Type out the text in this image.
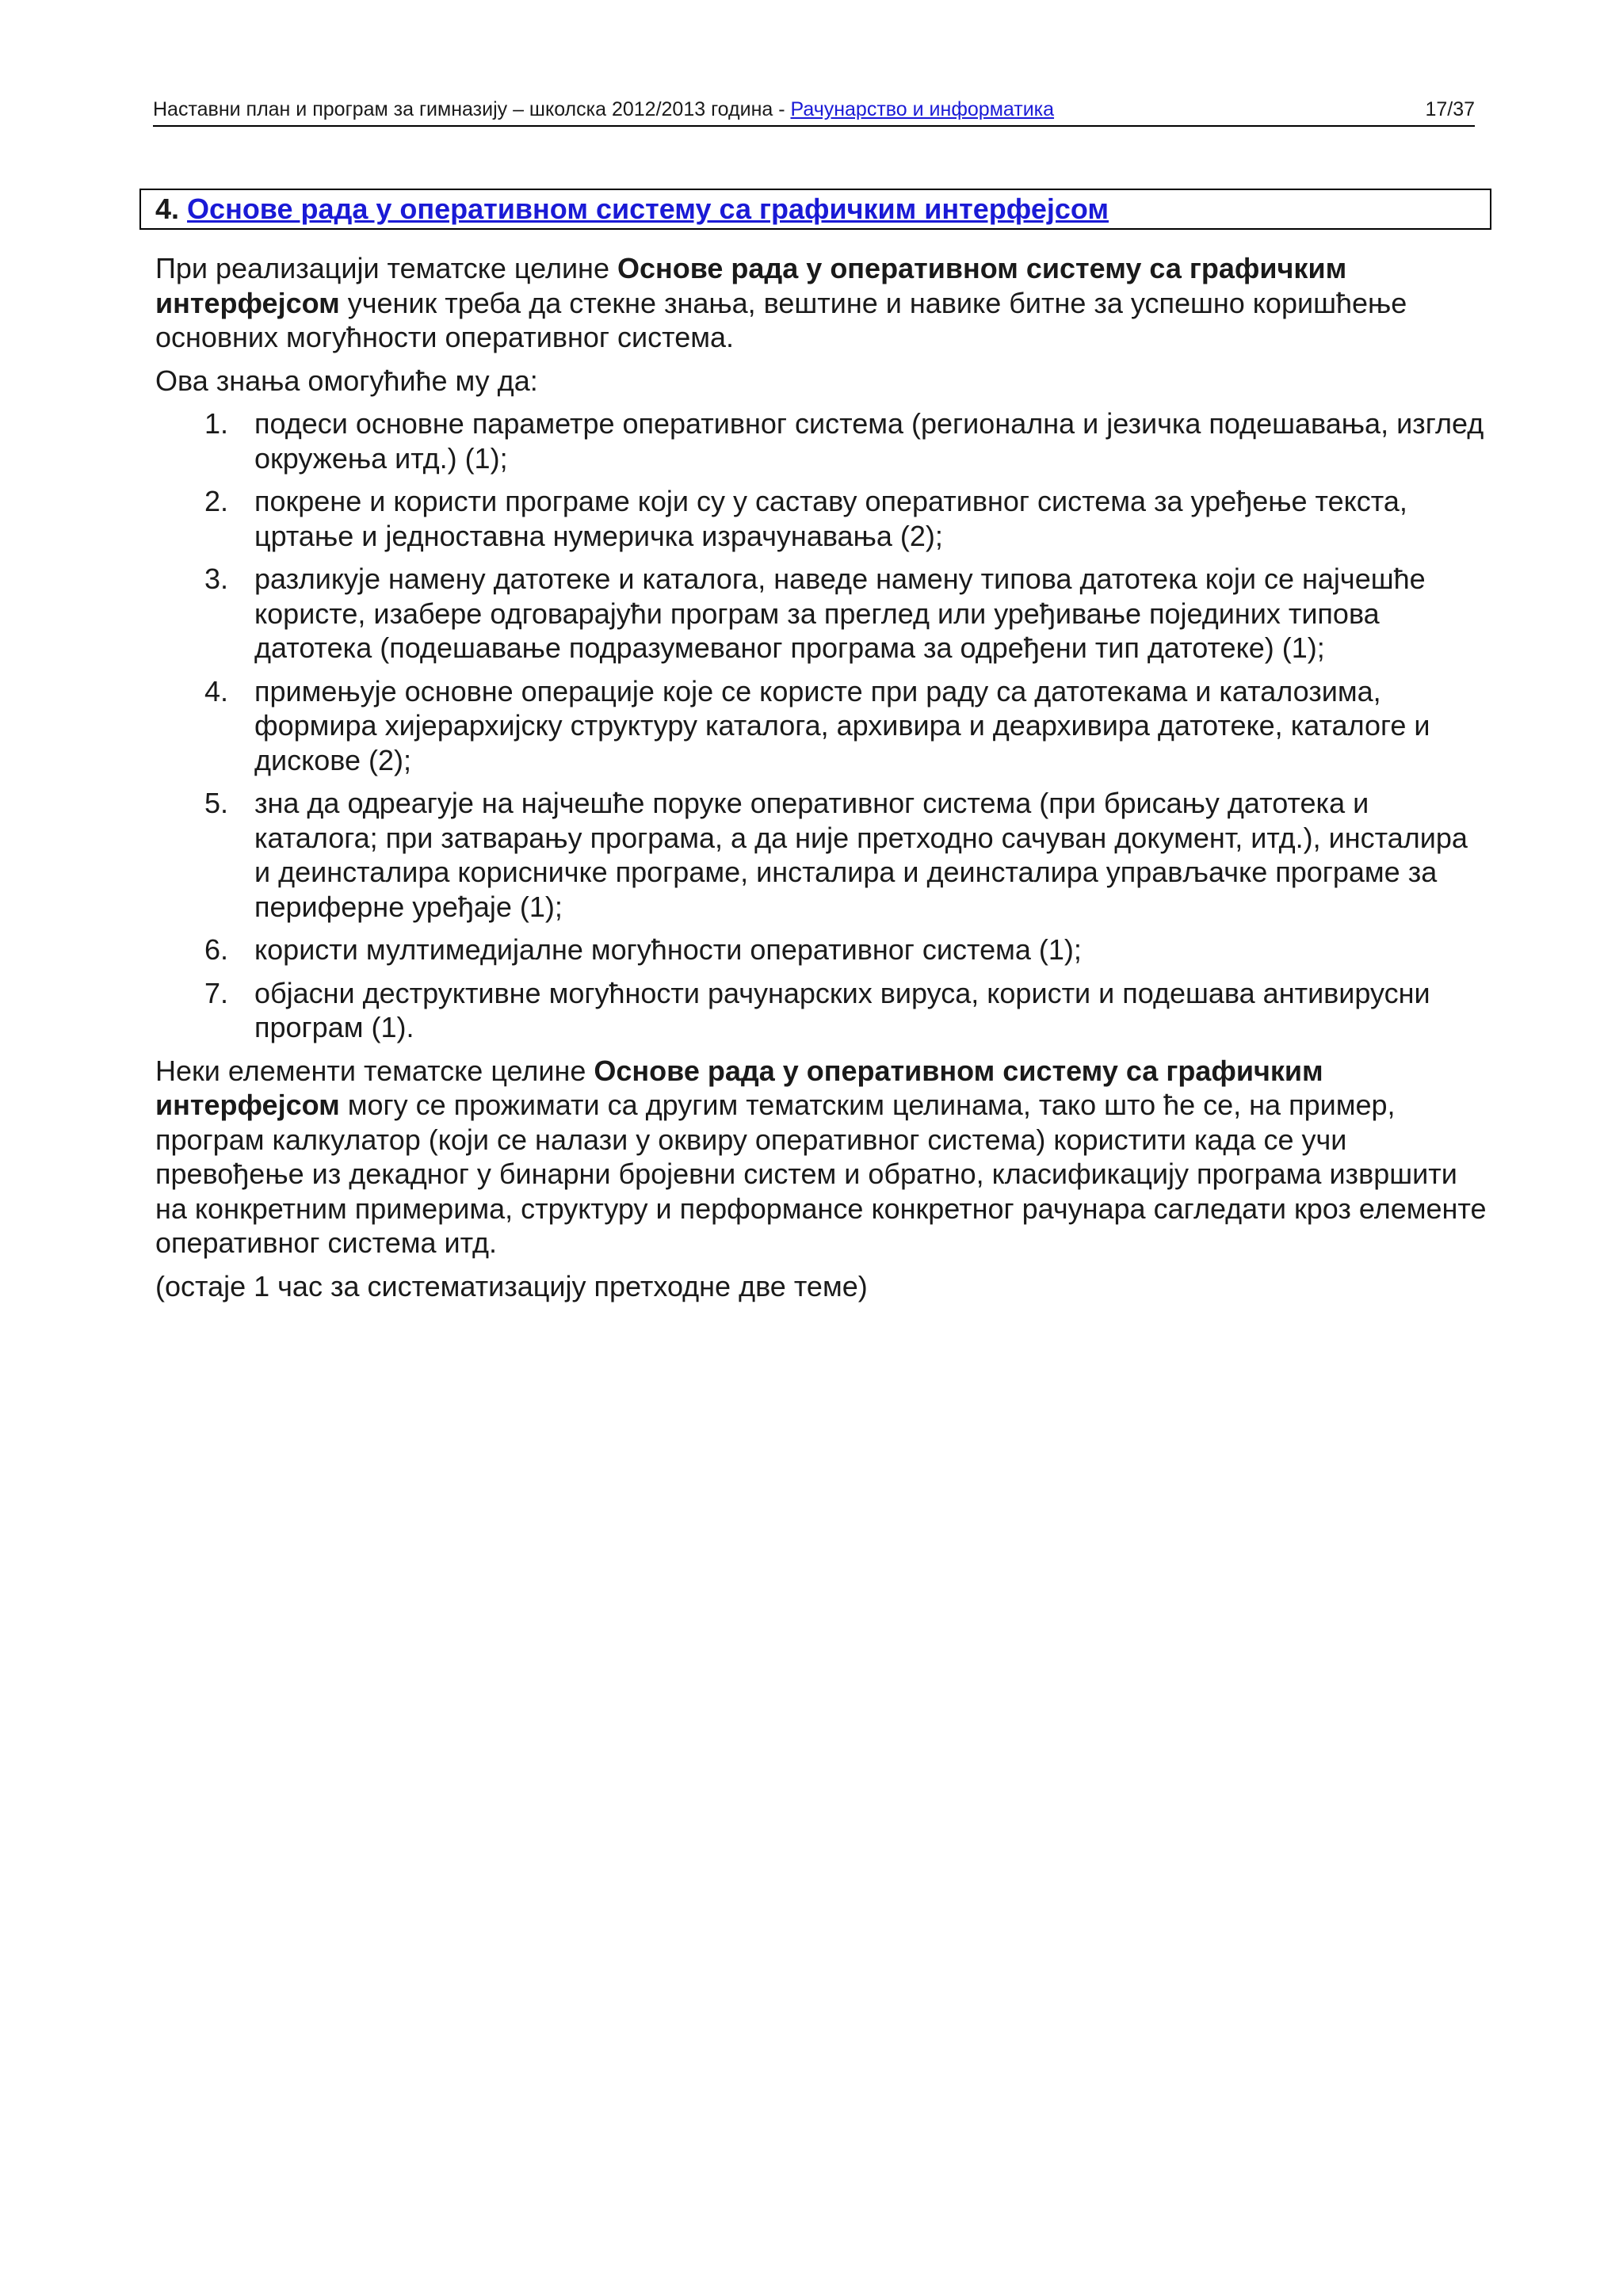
Наставни план и програм за гимназију – школска 2012/2013 година - Рачунарство и информатика	17/37
4. Основе рада у оперативном систему са графичким интерфејсом

При реализацији тематске целине Основе рада у оперативном систему са графичким интерфејсом ученик треба да стекне знања, вештине и навике битне за успешно коришћење основних могућности оперативног система.

Ова знања омогућиће му да:

1. подеси основне параметре оперативног система (регионална и језичка подешавања, изглед окружења итд.) (1);
2. покрене и користи програме који су у саставу оперативног система за уређење текста, цртање и једноставна нумеричка израчунавања (2);
3. разликује намену датотеке и каталога, наведе намену типова датотека који се најчешће користе, изабере одговарајући програм за преглед или уређивање појединих типова датотека (подешавање подразумеваног програма за одређени тип датотеке) (1);
4. примењује основне операције које се користе при раду са датотекама и каталозима, формира хијерархијску структуру каталога, архивира и деархивира датотеке, каталоге и дискове (2);
5. зна да одреагује на најчешће поруке оперативног система (при брисању датотека и каталога; при затварању програма, а да није претходно сачуван документ, итд.), инсталира и деинсталира корисничке програме, инсталира и деинсталира управљачке програме за периферне уређаје (1);
6. користи мултимедијалне могућности оперативног система (1);
7. објасни деструктивне могућности рачунарских вируса, користи и подешава антивирусни програм (1).

Неки елементи тематске целине Основе рада у оперативном систему са графичким интерфејсом могу се прожимати са другим тематским целинама, тако што ће се, на пример, програм калкулатор (који се налази у оквиру оперативног система) користити када се учи превођење из декадног у бинарни бројевни систем и обратно, класификацију програма извршити на конкретним примерима, структуру и перформансе конкретног рачунара сагледати кроз елементе оперативног система итд.

(остаје 1 час за систематизацију претходне две теме)
